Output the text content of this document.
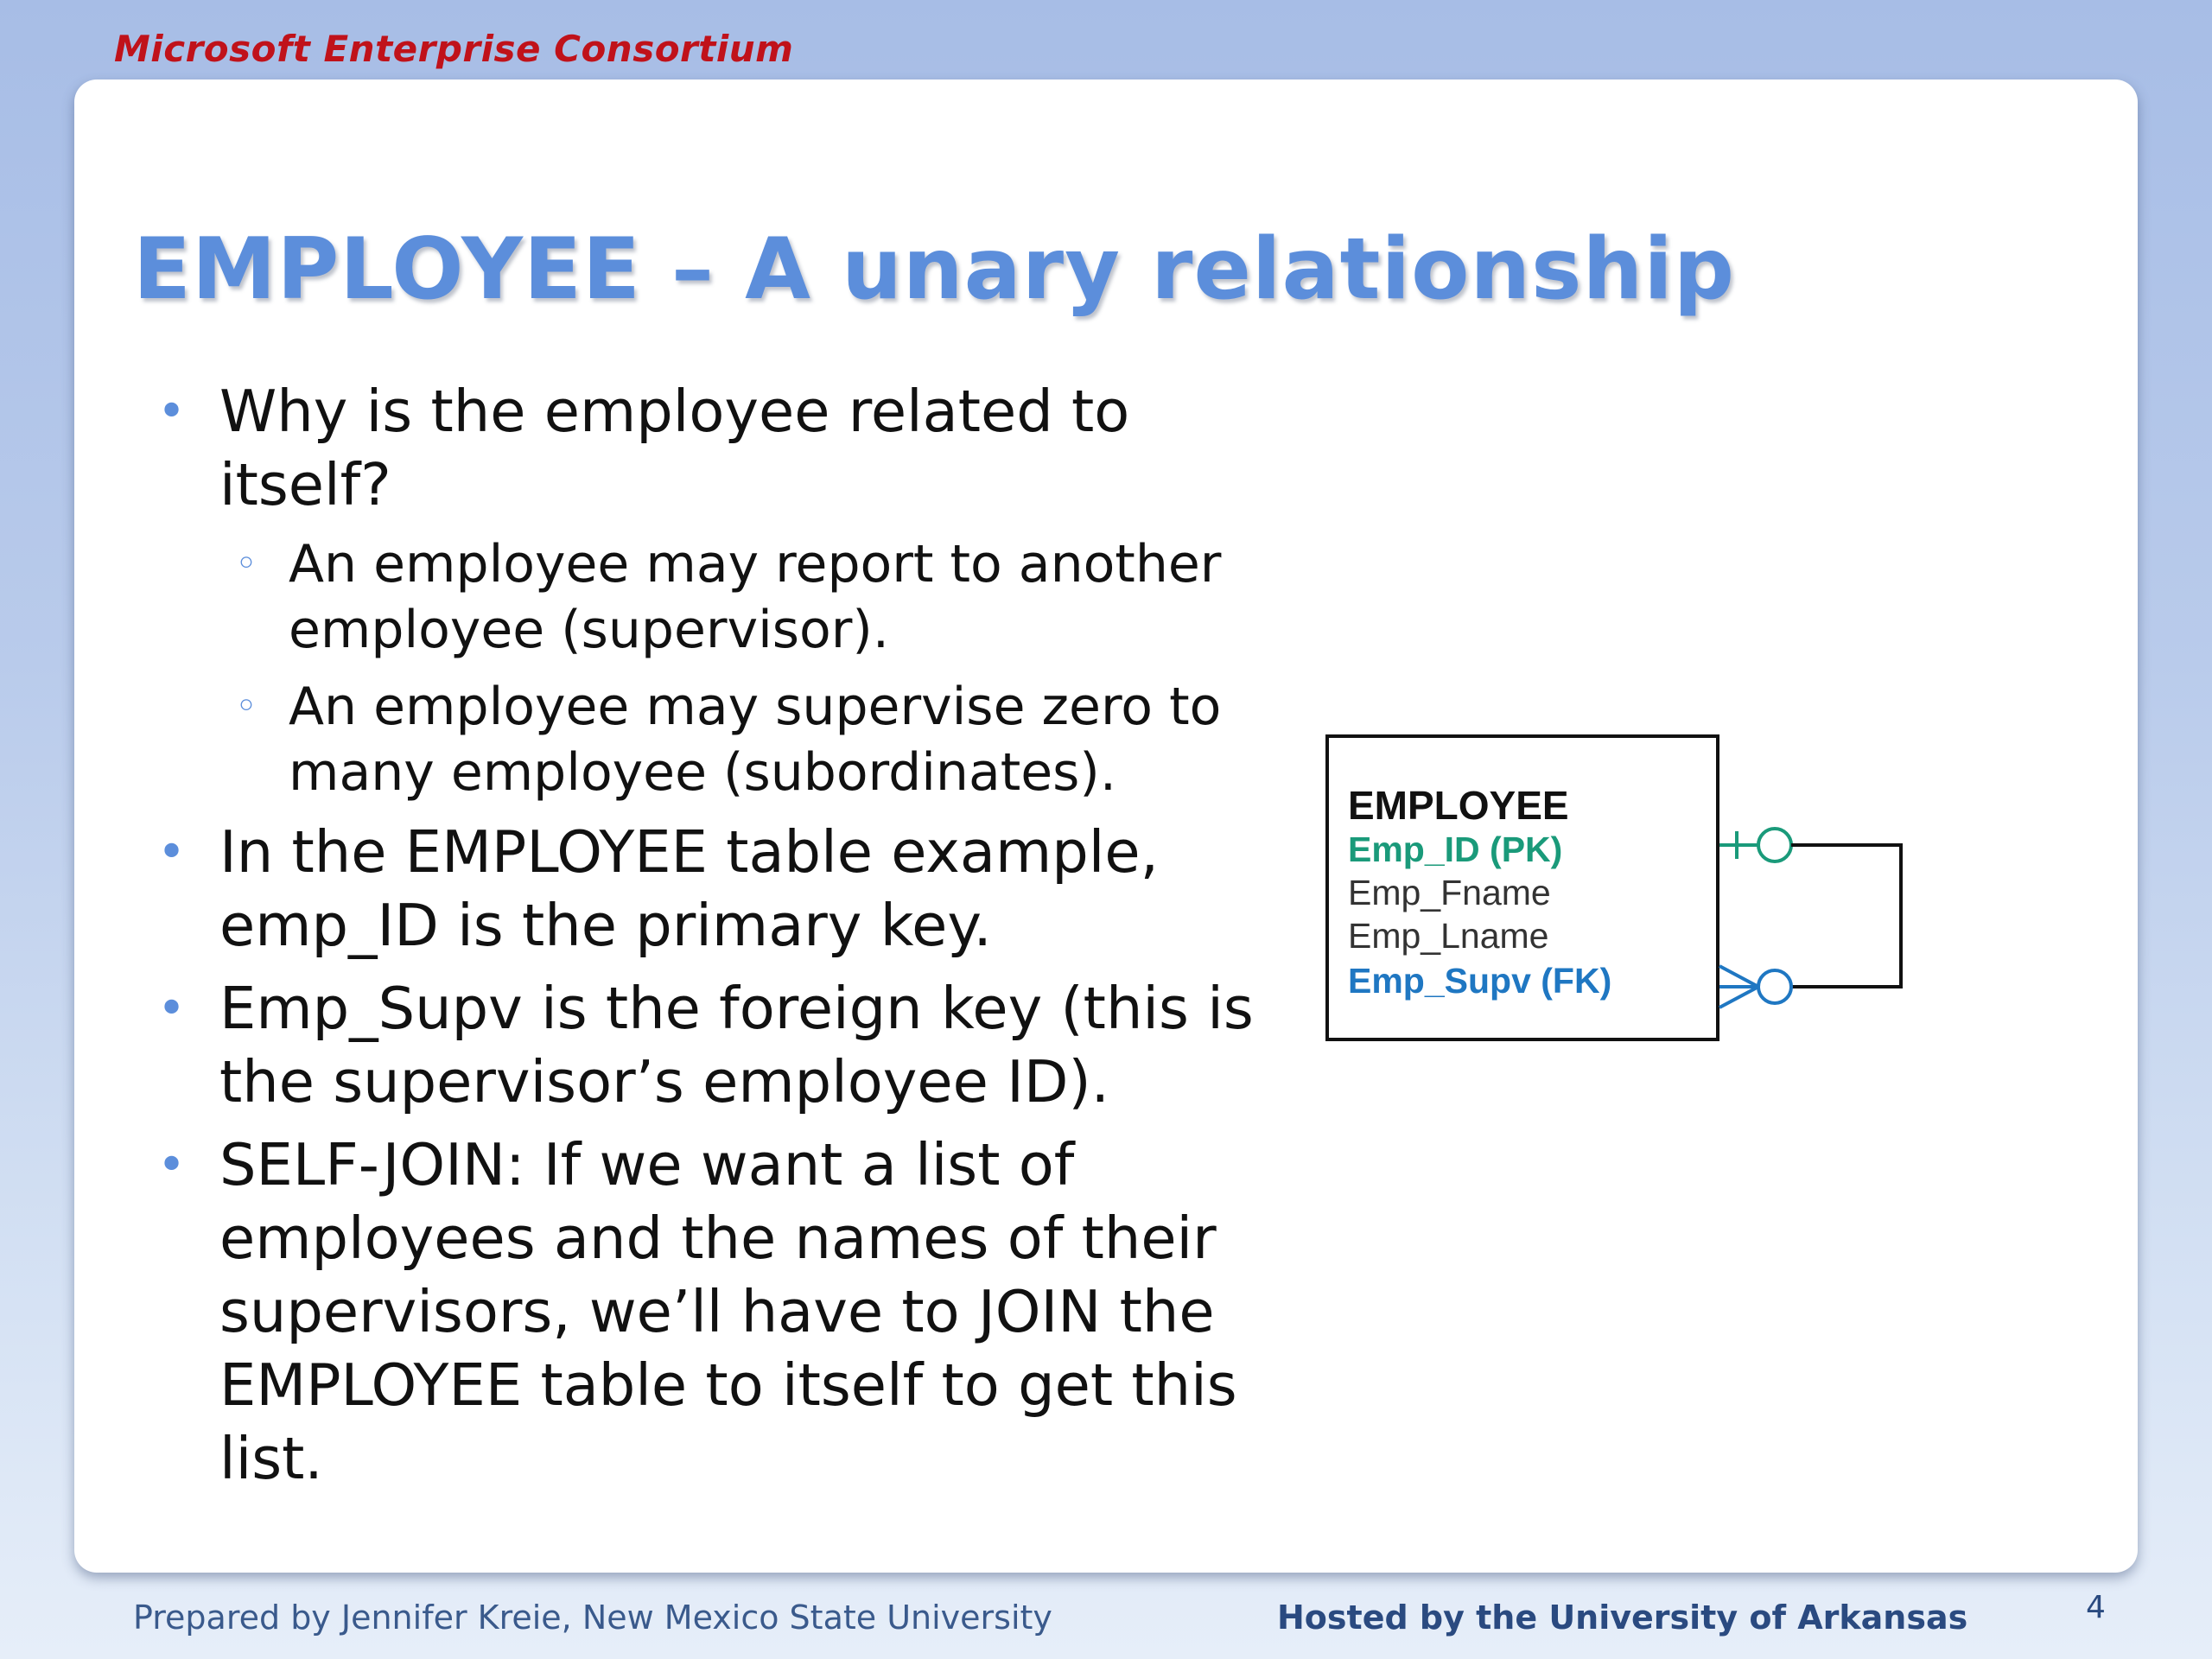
Microsoft Enterprise Consortium
EMPLOYEE – A unary relationship
• Why is the employee related to itself?
◦ An employee may report to another employee (supervisor).
◦ An employee may supervise zero to many employee (subordinates).
• In the EMPLOYEE table example, emp_ID is the primary key.
• Emp_Supv is the foreign key (this is the supervisor’s employee ID).
• SELF-JOIN: If we want a list of employees and the names of their supervisors, we’ll have to JOIN the EMPLOYEE table to itself to get this list.
EMPLOYEE
Emp_ID (PK)
Emp_Fname
Emp_Lname
Emp_Supv (FK)
Prepared by Jennifer Kreie, New Mexico State University	Hosted by the University of Arkansas	4
